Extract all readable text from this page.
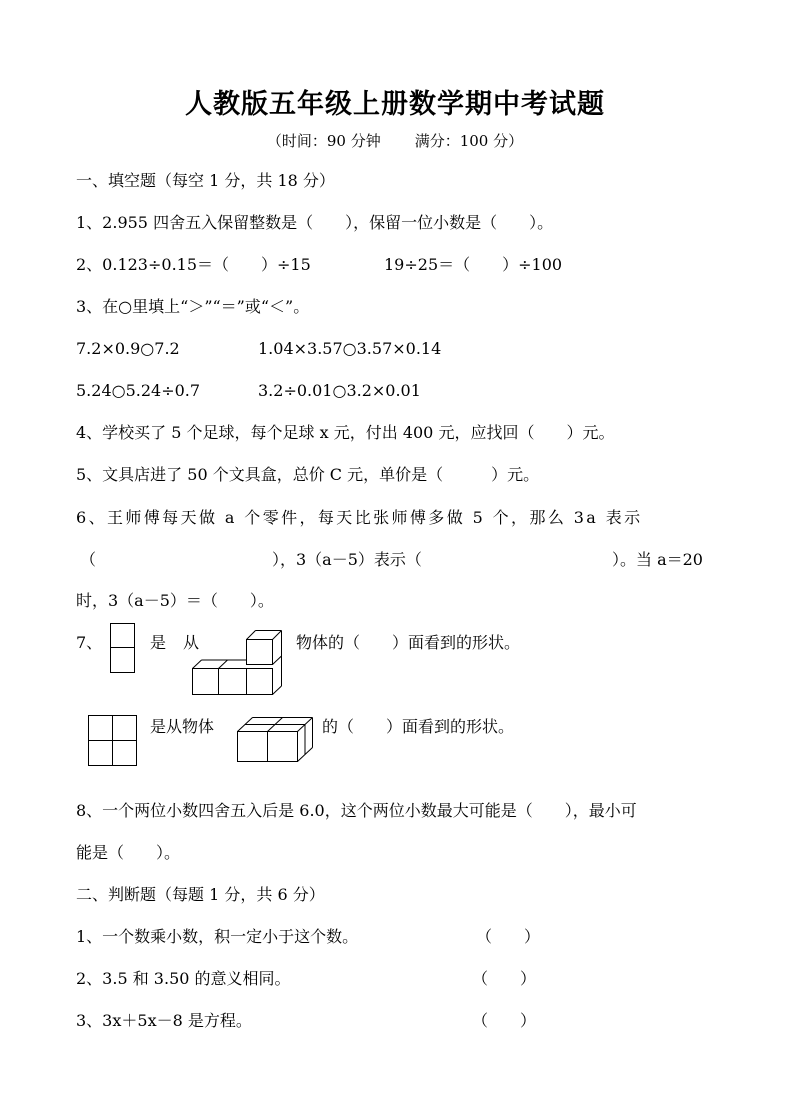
人教版五年级上册数学期中考试题
（时间：90 分钟 满分：100 分）
一、填空题（每空 1 分，共 18 分）
1、2.955 四舍五入保留整数是（　　），保留一位小数是（　　）。
2、0.123÷0.15＝（　　）÷15	19÷25＝（　　）÷100
3、在○里填上“＞”“＝”或“＜”。
7.2×0.9○7.2	1.04×3.57○3.57×0.14
5.24○5.24÷0.7	3.2÷0.01○3.2×0.01
4、学校买了 5 个足球，每个足球 x 元，付出 400 元，应找回（　　）元。
5、文具店进了 50 个文具盒，总价 C 元，单价是（　　　）元。
6、王师傅每天做 a 个零件，每天比张师傅多做 5 个，那么 3a 表示
（	），3（a－5）表示（	）。当 a＝20
时，3（a－5）＝（　　）。
7、	是 从	物体的（　　）面看到的形状。
是从物体	的（　　）面看到的形状。
8、一个两位小数四舍五入后是 6.0，这个两位小数最大可能是（　　），最小可
能是（　　）。
二、判断题（每题 1 分，共 6 分）
1、一个数乘小数，积一定小于这个数。	（　　）
2、3.5 和 3.50 的意义相同。	（　　）
3、3x＋5x－8 是方程。	（　　）
